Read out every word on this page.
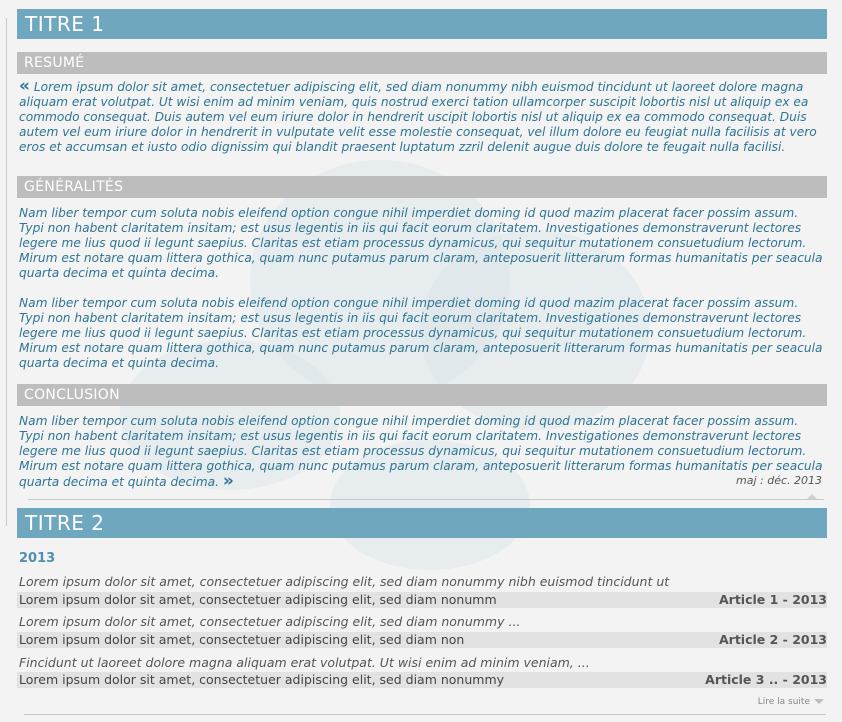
TITRE 1
RESUMÉ
« Lorem ipsum dolor sit amet, consectetuer adipiscing elit, sed diam nonummy nibh euismod tincidunt ut laoreet dolore magna aliquam erat volutpat. Ut wisi enim ad minim veniam, quis nostrud exerci tation ullamcorper suscipit lobortis nisl ut aliquip ex ea commodo consequat. Duis autem vel eum iriure dolor in hendrerit uscipit lobortis nisl ut aliquip ex ea commodo consequat. Duis autem vel eum iriure dolor in hendrerit in vulputate velit esse molestie consequat, vel illum dolore eu feugiat nulla facilisis at vero eros et accumsan et iusto odio dignissim qui blandit praesent luptatum zzril delenit augue duis dolore te feugait nulla facilisi.
GÉNÉRALITÉS
Nam liber tempor cum soluta nobis eleifend option congue nihil imperdiet doming id quod mazim placerat facer possim assum. Typi non habent claritatem insitam; est usus legentis in iis qui facit eorum claritatem. Investigationes demonstraverunt lectores legere me lius quod ii legunt saepius. Claritas est etiam processus dynamicus, qui sequitur mutationem consuetudium lectorum. Mirum est notare quam littera gothica, quam nunc putamus parum claram, anteposuerit litterarum formas humanitatis per seacula quarta decima et quinta decima.
Nam liber tempor cum soluta nobis eleifend option congue nihil imperdiet doming id quod mazim placerat facer possim assum. Typi non habent claritatem insitam; est usus legentis in iis qui facit eorum claritatem. Investigationes demonstraverunt lectores legere me lius quod ii legunt saepius. Claritas est etiam processus dynamicus, qui sequitur mutationem consuetudium lectorum. Mirum est notare quam littera gothica, quam nunc putamus parum claram, anteposuerit litterarum formas humanitatis per seacula quarta decima et quinta decima.
CONCLUSION
Nam liber tempor cum soluta nobis eleifend option congue nihil imperdiet doming id quod mazim placerat facer possim assum. Typi non habent claritatem insitam; est usus legentis in iis qui facit eorum claritatem. Investigationes demonstraverunt lectores legere me lius quod ii legunt saepius. Claritas est etiam processus dynamicus, qui sequitur mutationem consuetudium lectorum. Mirum est notare quam littera gothica, quam nunc putamus parum claram, anteposuerit litterarum formas humanitatis per seacula quarta decima et quinta decima. »	maj : déc. 2013
TITRE 2
2013
Lorem ipsum dolor sit amet, consectetuer adipiscing elit, sed diam nonummy nibh euismod tincidunt ut
Lorem ipsum dolor sit amet, consectetuer adipiscing elit, sed diam nonumm	Article 1 - 2013
Lorem ipsum dolor sit amet, consectetuer adipiscing elit, sed diam nonummy ...
Lorem ipsum dolor sit amet, consectetuer adipiscing elit, sed diam non	Article 2 - 2013
Fincidunt ut laoreet dolore magna aliquam erat volutpat. Ut wisi enim ad minim veniam, ...
Lorem ipsum dolor sit amet, consectetuer adipiscing elit, sed diam nonummy	Article 3 .. - 2013
Lire la suite
